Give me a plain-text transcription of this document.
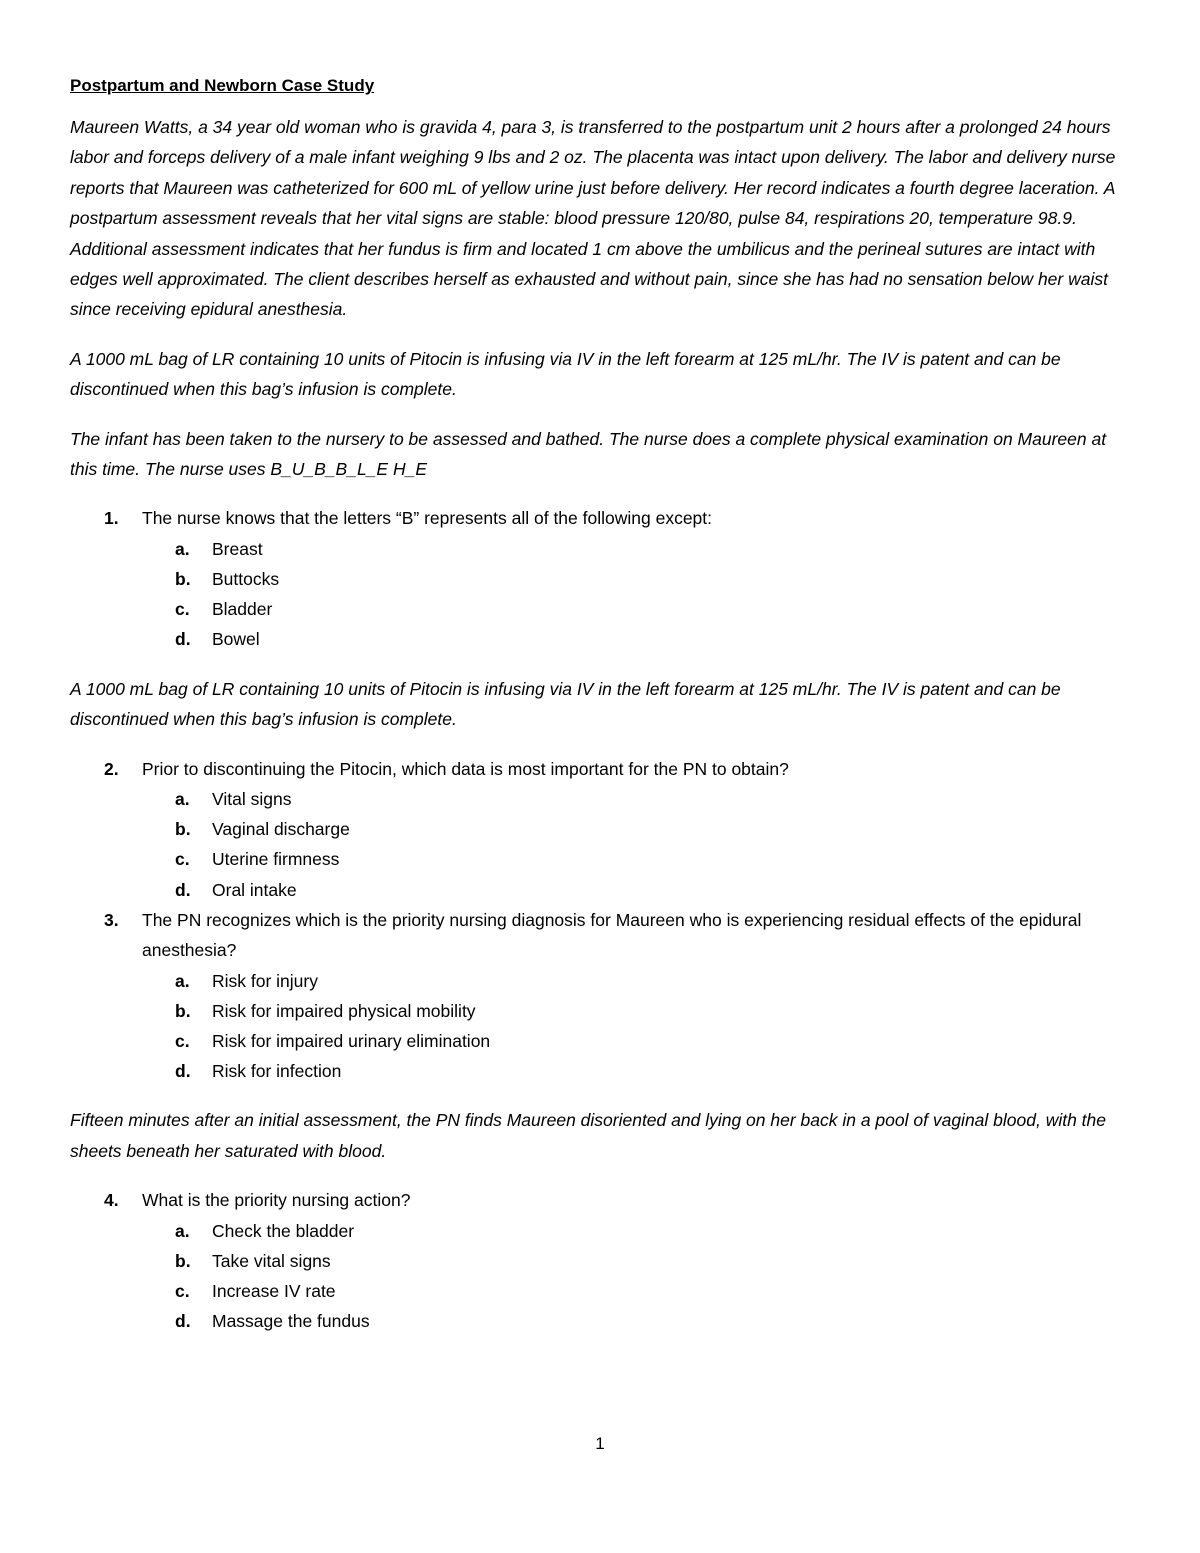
Postpartum and Newborn Case Study

Maureen Watts, a 34 year old woman who is gravida 4, para 3, is transferred to the postpartum unit 2 hours after a prolonged 24 hours labor and forceps delivery of a male infant weighing 9 lbs and 2 oz. The placenta was intact upon delivery. The labor and delivery nurse reports that Maureen was catheterized for 600 mL of yellow urine just before delivery. Her record indicates a fourth degree laceration. A postpartum assessment reveals that her vital signs are stable: blood pressure 120/80, pulse 84, respirations 20, temperature 98.9. Additional assessment indicates that her fundus is firm and located 1 cm above the umbilicus and the perineal sutures are intact with edges well approximated. The client describes herself as exhausted and without pain, since she has had no sensation below her waist since receiving epidural anesthesia.

A 1000 mL bag of LR containing 10 units of Pitocin is infusing via IV in the left forearm at 125 mL/hr. The IV is patent and can be discontinued when this bag’s infusion is complete.

The infant has been taken to the nursery to be assessed and bathed. The nurse does a complete physical examination on Maureen at this time. The nurse uses B_U_B_B_L_E H_E

1. The nurse knows that the letters “B” represents all of the following except:
a. Breast
b. Buttocks
c. Bladder
d. Bowel

A 1000 mL bag of LR containing 10 units of Pitocin is infusing via IV in the left forearm at 125 mL/hr. The IV is patent and can be discontinued when this bag’s infusion is complete.

2. Prior to discontinuing the Pitocin, which data is most important for the PN to obtain?
a. Vital signs
b. Vaginal discharge
c. Uterine firmness
d. Oral intake
3. The PN recognizes which is the priority nursing diagnosis for Maureen who is experiencing residual effects of the epidural anesthesia?
a. Risk for injury
b. Risk for impaired physical mobility
c. Risk for impaired urinary elimination
d. Risk for infection

Fifteen minutes after an initial assessment, the PN finds Maureen disoriented and lying on her back in a pool of vaginal blood, with the sheets beneath her saturated with blood.

4. What is the priority nursing action?
a. Check the bladder
b. Take vital signs
c. Increase IV rate
d. Massage the fundus
1
